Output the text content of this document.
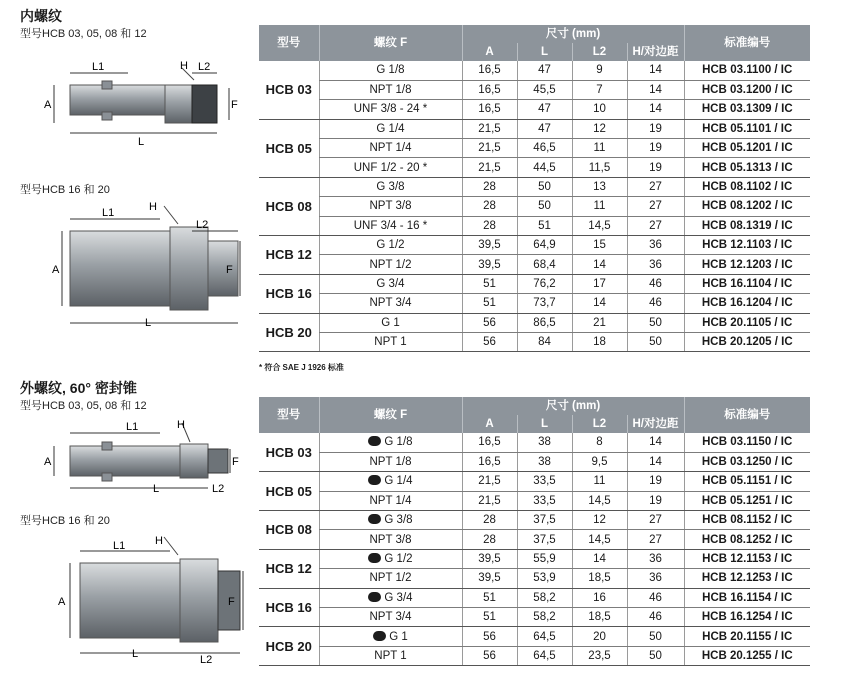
内螺纹
型号HCB 03, 05, 08 和 12
L1	H L2
A	F
L
型号HCB 16 和 20
L1	H
L2
A	F
L
型号	螺纹 F	尺寸 (mm)				标准编号
		A	L	L2	H/对边距	
HCB 03	G 1/8	16,5	47	9	14	HCB 03.1100 / IC
	NPT 1/8	16,5	45,5	7	14	HCB 03.1200 / IC
	UNF 3/8 - 24 *	16,5	47	10	14	HCB 03.1309 / IC
HCB 05	G 1/4	21,5	47	12	19	HCB 05.1101 / IC
	NPT 1/4	21,5	46,5	11	19	HCB 05.1201 / IC
	UNF 1/2 - 20 *	21,5	44,5	11,5	19	HCB 05.1313 / IC
HCB 08	G 3/8	28	50	13	27	HCB 08.1102 / IC
	NPT 3/8	28	50	11	27	HCB 08.1202 / IC
	UNF 3/4 - 16 *	28	51	14,5	27	HCB 08.1319 / IC
HCB 12	G 1/2	39,5	64,9	15	36	HCB 12.1103 / IC
	NPT 1/2	39,5	68,4	14	36	HCB 12.1203 / IC
HCB 16	G 3/4	51	76,2	17	46	HCB 16.1104 / IC
	NPT 3/4	51	73,7	14	46	HCB 16.1204 / IC
HCB 20	G 1	56	86,5	21	50	HCB 20.1105 / IC
	NPT 1	56	84	18	50	HCB 20.1205 / IC
* 符合 SAE J 1926 标准
外螺纹, 60° 密封锥
型号HCB 03, 05, 08 和 12
L1	H
A	F
L	L2
型号HCB 16 和 20
L1	H
A	F
L	L2
型号	螺纹 F	尺寸 (mm)				标准编号
		A	L	L2	H/对边距	
HCB 03	G 1/8	16,5	38	8	14	HCB 03.1150 / IC
	NPT 1/8	16,5	38	9,5	14	HCB 03.1250 / IC
HCB 05	G 1/4	21,5	33,5	11	19	HCB 05.1151 / IC
	NPT 1/4	21,5	33,5	14,5	19	HCB 05.1251 / IC
HCB 08	G 3/8	28	37,5	12	27	HCB 08.1152 / IC
	NPT 3/8	28	37,5	14,5	27	HCB 08.1252 / IC
HCB 12	G 1/2	39,5	55,9	14	36	HCB 12.1153 / IC
	NPT 1/2	39,5	53,9	18,5	36	HCB 12.1253 / IC
HCB 16	G 3/4	51	58,2	16	46	HCB 16.1154 / IC
	NPT 3/4	51	58,2	18,5	46	HCB 16.1254 / IC
HCB 20	G 1	56	64,5	20	50	HCB 20.1155 / IC
	NPT 1	56	64,5	23,5	50	HCB 20.1255 / IC
